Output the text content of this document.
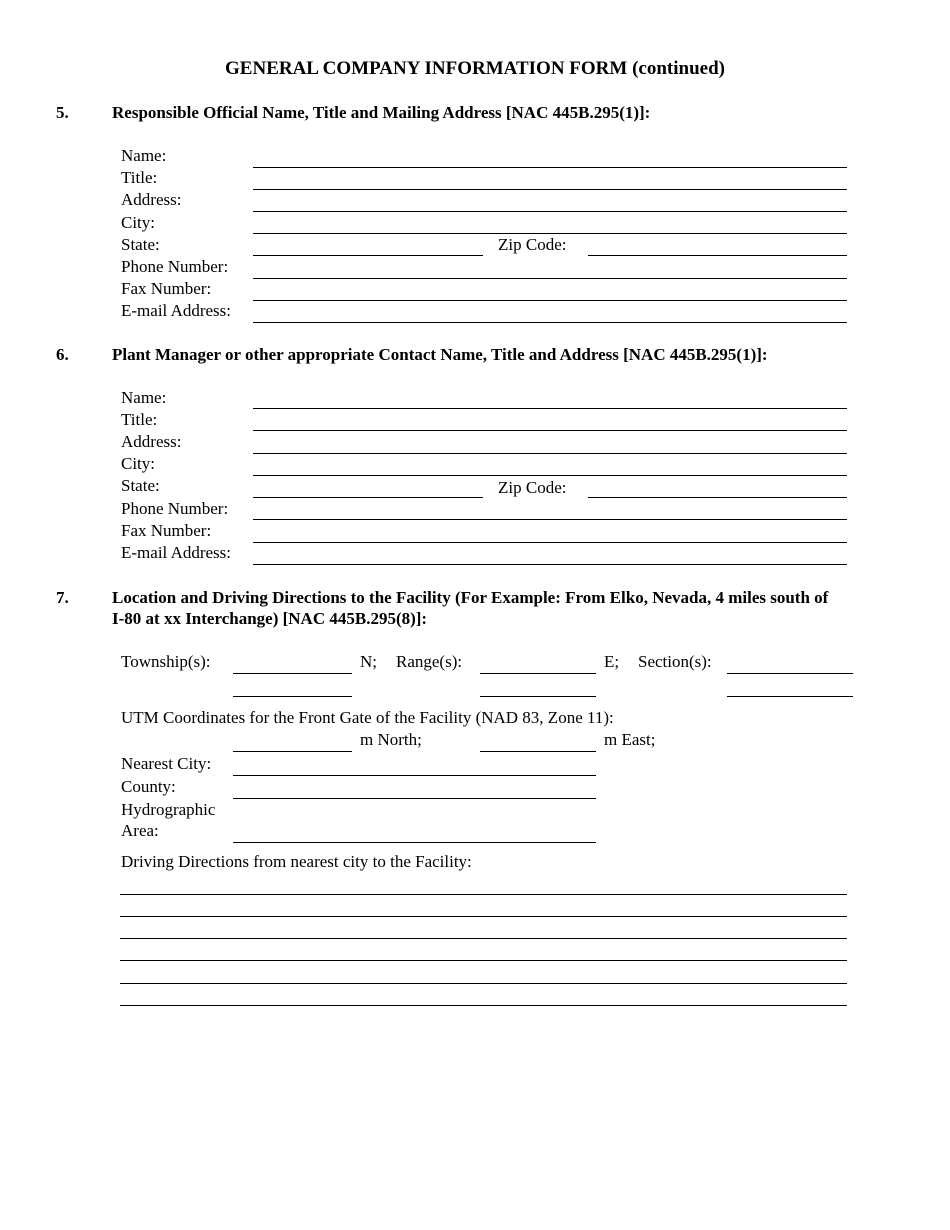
GENERAL COMPANY INFORMATION FORM (continued)
5.	Responsible Official Name, Title and Mailing Address [NAC 445B.295(1)]:
Name:
Title:
Address:
City:
State:	Zip Code:
Phone Number:
Fax Number:
E-mail Address:
6.	Plant Manager or other appropriate Contact Name, Title and Address [NAC 445B.295(1)]:
Name:
Title:
Address:
City:
State:	Zip Code:
Phone Number:
Fax Number:
E-mail Address:
7.	Location and Driving Directions to the Facility (For Example: From Elko, Nevada, 4 miles south of
I-80 at xx Interchange) [NAC 445B.295(8)]:
Township(s):	N; Range(s):	E; Section(s):
UTM Coordinates for the Front Gate of the Facility (NAD 83, Zone 11):
m North;	m East;
Nearest City:
County:
Hydrographic
Area:
Driving Directions from nearest city to the Facility:
